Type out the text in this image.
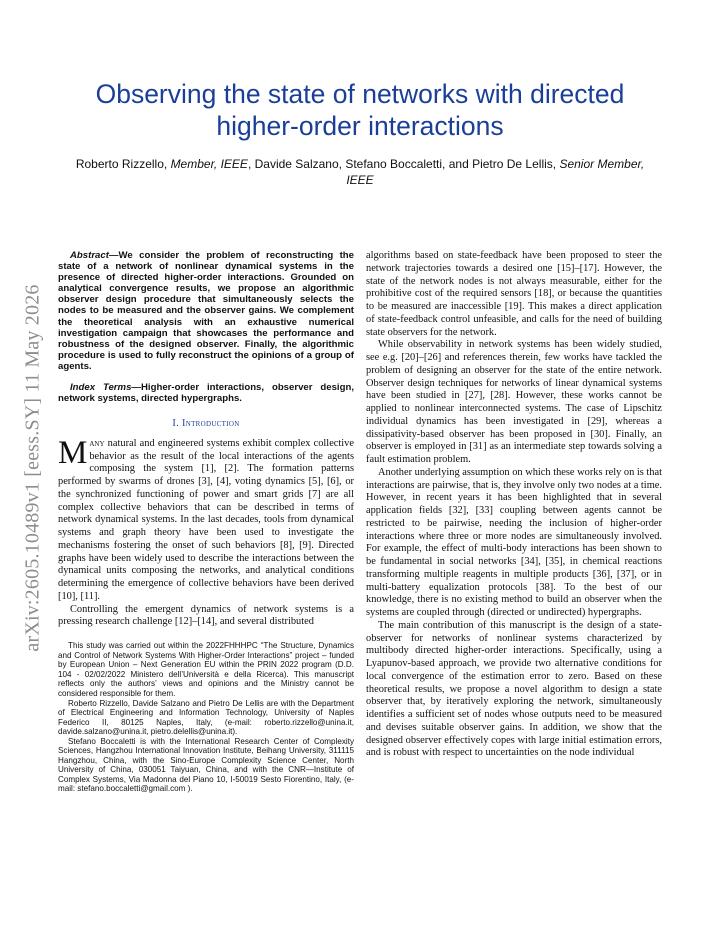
Observing the state of networks with directed higher-order interactions
Roberto Rizzello, Member, IEEE, Davide Salzano, Stefano Boccaletti, and Pietro De Lellis, Senior Member, IEEE
arXiv:2605.10489v1 [eess.SY] 11 May 2026

Abstract—We consider the problem of reconstructing the state of a network of nonlinear dynamical systems in the presence of directed higher-order interactions. Grounded on analytical convergence results, we propose an algorithmic observer design procedure that simultaneously selects the nodes to be measured and the observer gains. We complement the theoretical analysis with an exhaustive numerical investigation campaign that showcases the performance and robustness of the designed observer. Finally, the algorithmic procedure is used to fully reconstruct the opinions of a group of agents.

Index Terms—Higher-order interactions, observer design, network systems, directed hypergraphs.

I. Introduction

Many natural and engineered systems exhibit complex collective behavior as the result of the local interactions of the agents composing the system [1], [2]. The formation patterns performed by swarms of drones [3], [4], voting dynamics [5], [6], or the synchronized functioning of power and smart grids [7] are all complex collective behaviors that can be described in terms of network dynamical systems. In the last decades, tools from dynamical systems and graph theory have been used to investigate the mechanisms fostering the onset of such behaviors [8], [9]. Directed graphs have been widely used to describe the interactions between the dynamical units composing the networks, and analytical conditions determining the emergence of collective behaviors have been derived [10], [11].

Controlling the emergent dynamics of network systems is a pressing research challenge [12]–[14], and several distributed

This study was carried out within the 2022FHHHPC “The Structure, Dynamics and Control of Network Systems With Higher-Order Interactions” project – funded by European Union – Next Generation EU within the PRIN 2022 program (D.D. 104 - 02/02/2022 Ministero dell’Università e della Ricerca). This manuscript reflects only the authors’ views and opinions and the Ministry cannot be considered responsible for them.

Roberto Rizzello, Davide Salzano and Pietro De Lellis are with the Department of Electrical Engineering and Information Technology, University of Naples Federico II, 80125 Naples, Italy, (e-mail: roberto.rizzello@unina.it, davide.salzano@unina.it, pietro.delellis@unina.it).

Stefano Boccaletti is with the International Research Center of Complexity Sciences, Hangzhou International Innovation Institute, Beihang University, 311115 Hangzhou, China, with the Sino-Europe Complexity Science Center, North University of China, 030051 Taiyuan, China, and with the CNR—Institute of Complex Systems, Via Madonna del Piano 10, I-50019 Sesto Fiorentino, Italy, (e-mail: stefano.boccaletti@gmail.com ).

algorithms based on state-feedback have been proposed to steer the network trajectories towards a desired one [15]–[17]. However, the state of the network nodes is not always measurable, either for the prohibitive cost of the required sensors [18], or because the quantities to be measured are inaccessible [19]. This makes a direct application of state-feedback control unfeasible, and calls for the need of building state observers for the network.

While observability in network systems has been widely studied, see e.g. [20]–[26] and references therein, few works have tackled the problem of designing an observer for the state of the entire network. Observer design techniques for networks of linear dynamical systems have been studied in [27], [28]. However, these works cannot be applied to nonlinear interconnected systems. The case of Lipschitz individual dynamics has been investigated in [29], whereas a dissipativity-based observer has been proposed in [30]. Finally, an observer is employed in [31] as an intermediate step towards solving a fault estimation problem.

Another underlying assumption on which these works rely on is that interactions are pairwise, that is, they involve only two nodes at a time. However, in recent years it has been highlighted that in several application fields [32], [33] coupling between agents cannot be restricted to be pairwise, needing the inclusion of higher-order interactions where three or more nodes are simultaneously involved. For example, the effect of multi-body interactions has been shown to be fundamental in social networks [34], [35], in chemical reactions transforming multiple reagents in multiple products [36], [37], or in multi-battery equalization protocols [38]. To the best of our knowledge, there is no existing method to build an observer when the systems are coupled through (directed or undirected) hypergraphs.

The main contribution of this manuscript is the design of a state-observer for networks of nonlinear systems characterized by multibody directed higher-order interactions. Specifically, using a Lyapunov-based approach, we provide two alternative conditions for local convergence of the estimation error to zero. Based on these theoretical results, we propose a novel algorithm to design a state observer that, by iteratively exploring the network, simultaneously identifies a sufficient set of nodes whose outputs need to be measured and devises suitable observer gains. In addition, we show that the designed observer effectively copes with large initial estimation errors, and is robust with respect to uncertainties on the node individual
